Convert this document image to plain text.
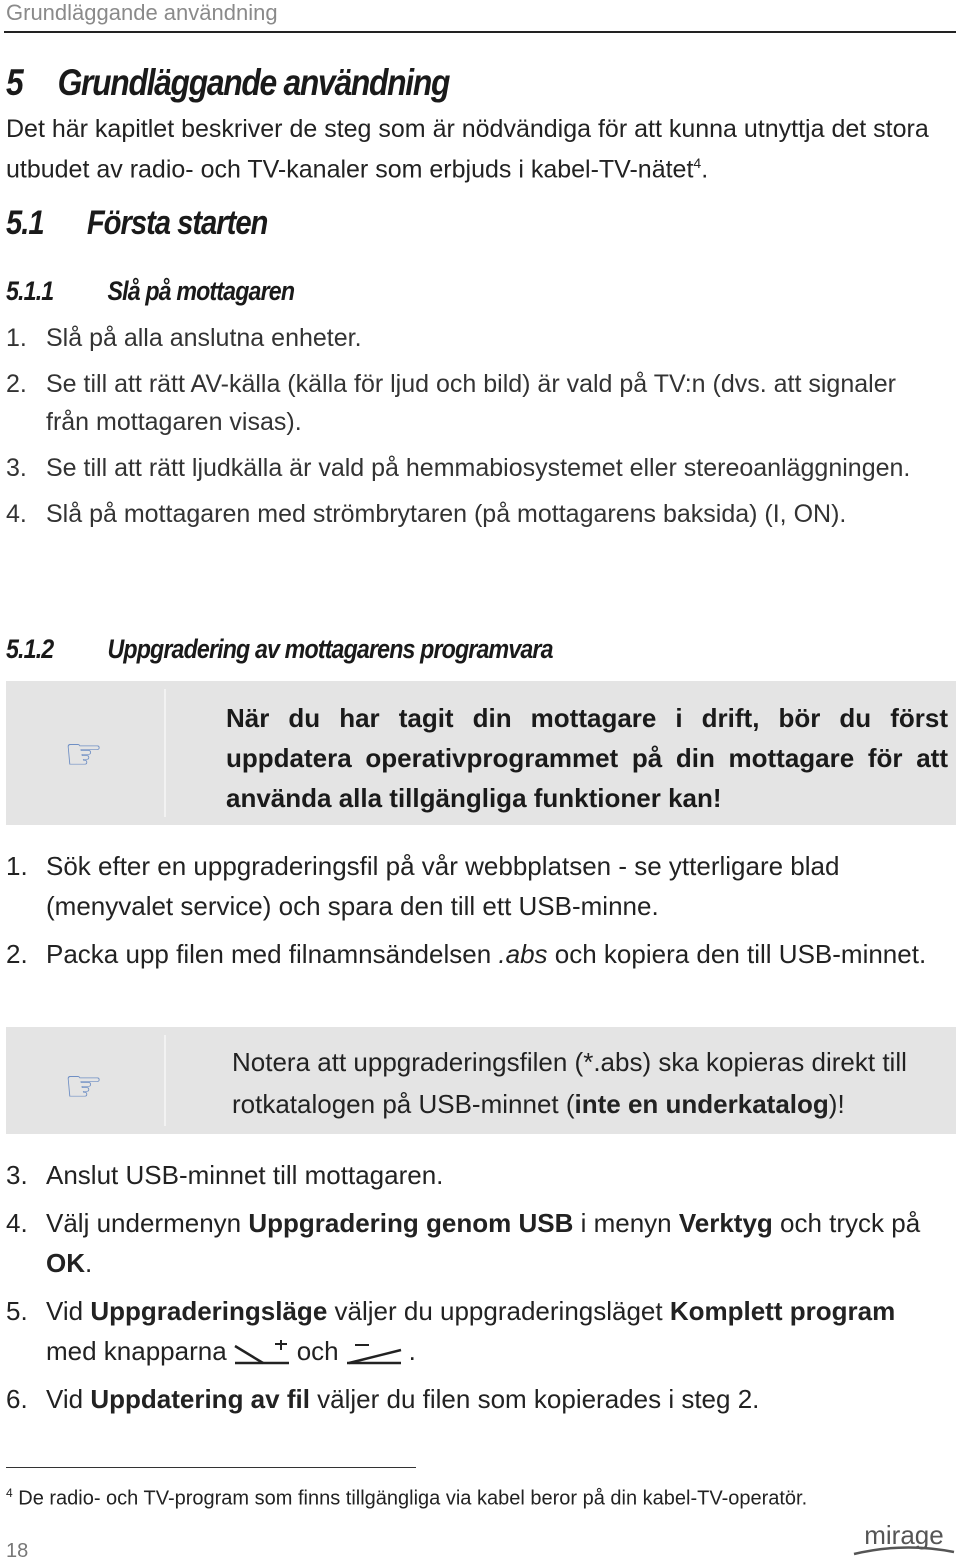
Grundläggande användning
5 Grundläggande användning
Det här kapitlet beskriver de steg som är nödvändiga för att kunna utnyttja det stora utbudet av radio- och TV-kanaler som erbjuds i kabel-TV-nätet$^4$.
5.1 Första starten
5.1.1 Slå på mottagaren
1. Slå på alla anslutna enheter.
2. Se till att rätt AV-källa (källa för ljud och bild) är vald på TV:n (dvs. att signaler från mottagaren visas).
3. Se till att rätt ljudkälla är vald på hemmabiosystemet eller stereoanläggningen.
4. Slå på mottagaren med strömbrytaren (på mottagarens baksida) (I, ON).
5.1.2 Uppgradering av mottagarens programvara
☞
När du har tagit din mottagare i drift, bör du först uppdatera operativprogrammet på din mottagare för att använda alla tillgängliga funktioner kan!
1. Sök efter en uppgraderingsfil på vår webbplatsen - se ytterligare blad (menyvalet service) och spara den till ett USB-minne.
2. Packa upp filen med filnamnsändelsen .abs och kopiera den till USB-minnet.
☞	Notera att uppgraderingsfilen (*.abs) ska kopieras direkt till rotkatalogen på USB-minnet (inte en underkatalog)!
3. Anslut USB-minnet till mottagaren.
4. Välj undermenyn Uppgradering genom USB i menyn Verktyg och tryck på OK.
5. Vid Uppgraderingsläge väljer du uppgraderingsläget Komplett program med knapparna	och	.
6. Vid Uppdatering av fil väljer du filen som kopierades i steg 2.
$^4$ De radio- och TV-program som finns tillgängliga via kabel beror på din kabel-TV-operatör.
18
mirage
